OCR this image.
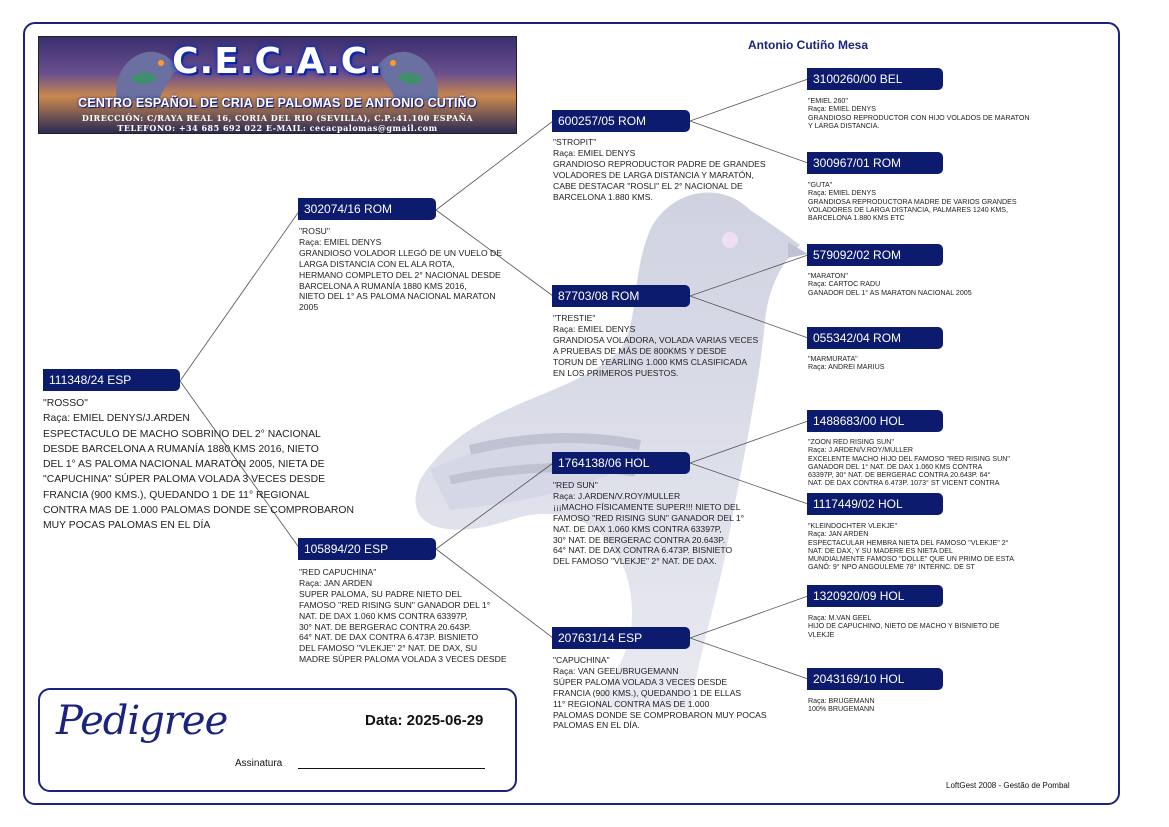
C.E.C.A.C.
CENTRO ESPAÑOL DE CRIA DE PALOMAS DE ANTONIO CUTIÑO
DIRECCIÓN: C/RAYA REAL 16, CORIA DEL RIO (SEVILLA), C.P.:41.100 ESPAÑA
TELEFONO: +34 685 692 022 E-MAIL: cecacpalomas@gmail.com
Antonio Cutiño Mesa
111348/24 ESP
"ROSSO"
Raça: EMIEL DENYS/J.ARDEN
ESPECTACULO DE MACHO SOBRINO DEL 2° NACIONAL
DESDE BARCELONA A RUMANÍA 1880 KMS 2016, NIETO
DEL 1° AS PALOMA NACIONAL MARATON 2005, NIETA DE
"CAPUCHINA" SÚPER PALOMA VOLADA 3 VECES DESDE
FRANCIA (900 KMS.), QUEDANDO 1 DE 11° REGIONAL
CONTRA MAS DE 1.000 PALOMAS DONDE SE COMPROBARON
MUY POCAS PALOMAS EN EL DÍA
302074/16 ROM
"ROSU"
Raça: EMIEL DENYS
GRANDIOSO VOLADOR LLEGÓ DE UN VUELO DE
LARGA DISTANCIA CON EL ALA ROTA,
HERMANO COMPLETO DEL 2° NACIONAL DESDE
BARCELONA A RUMANÍA 1880 KMS 2016,
NIETO DEL 1° AS PALOMA NACIONAL MARATON
2005
105894/20 ESP
"RED CAPUCHINA"
Raça: JAN ARDEN
SUPER PALOMA, SU PADRE NIETO DEL
FAMOSO "RED RISING SUN" GANADOR DEL 1°
NAT. DE DAX 1.060 KMS CONTRA 63397P,
30° NAT. DE BERGERAC CONTRA 20.643P.
64° NAT. DE DAX CONTRA 6.473P. BISNIETO
DEL FAMOSO "VLEKJE" 2° NAT. DE DAX, SU
MADRE SÚPER PALOMA VOLADA 3 VECES DESDE
600257/05 ROM
"STROPIT"
Raça: EMIEL DENYS
GRANDIOSO REPRODUCTOR PADRE DE GRANDES
VOLADORES DE LARGA DISTANCIA Y MARATÓN,
CABE DESTACAR "ROSLI" EL 2° NACIONAL DE
BARCELONA 1.880 KMS.
87703/08 ROM
"TRESTIE"
Raça: EMIEL DENYS
GRANDIOSA VOLADORA, VOLADA VARIAS VECES
A PRUEBAS DE MÁS DE 800KMS Y DESDE
TORUN DE YEARLING 1.000 KMS CLASIFICADA
EN LOS PRIMEROS PUESTOS.
1764138/06 HOL
"RED SUN"
Raça: J.ARDEN/V.ROY/MULLER
¡¡¡MACHO FÍSICAMENTE SUPER!!! NIETO DEL
FAMOSO "RED RISING SUN" GANADOR DEL 1°
NAT. DE DAX 1.060 KMS CONTRA 63397P,
30° NAT. DE BERGERAC CONTRA 20.643P.
64° NAT. DE DAX CONTRA 6.473P. BISNIETO
DEL FAMOSO "VLEKJE" 2° NAT. DE DAX.
207631/14 ESP
"CAPUCHINA"
Raça: VAN GEEL/BRUGEMANN
SÚPER PALOMA VOLADA 3 VECES DESDE
FRANCIA (900 KMS.), QUEDANDO 1 DE ELLAS
11° REGIONAL CONTRA MAS DE 1.000
PALOMAS DONDE SE COMPROBARON MUY POCAS
PALOMAS EN EL DÍA.
3100260/00 BEL
"EMIEL 260"
Raça: EMIEL DENYS
GRANDIOSO REPRODUCTOR CON HIJO VOLADOS DE MARATON
Y LARGA DISTANCIA.
300967/01 ROM
"GUTA"
Raça: EMIEL DENYS
GRANDIOSA REPRODUCTORA MADRE DE VARIOS GRANDES
VOLADORES DE LARGA DISTANCIA, PALMARES 1240 KMS,
BARCELONA 1.880 KMS ETC
579092/02 ROM
"MARATON"
Raça: CARTOC RADU
GANADOR DEL 1° AS MARATON NACIONAL 2005
055342/04 ROM
"MARMURATA"
Raça: ANDREI MARIUS
1488683/00 HOL
"ZOON RED RISING SUN"
Raça: J.ARDEN/V.ROY/MULLER
EXCELENTE MACHO HIJO DEL FAMOSO "RED RISING SUN"
GANADOR DEL 1° NAT. DE DAX 1.060 KMS CONTRA
63397P, 30° NAT. DE BERGERAC CONTRA 20.643P. 64°
NAT. DE DAX CONTRA 6.473P. 1073° ST VICENT CONTRA
1117449/02 HOL
"KLEINDOCHTER VLEKJE"
Raça: JAN ARDEN
ESPECTACULAR HEMBRA NIETA DEL FAMOSO "VLEKJE" 2°
NAT. DE DAX, Y SU MADERE ES NIETA DEL
MUNDIALMENTE FAMOSO "DOLLE" QUE UN PRIMO DE ESTA
GANÓ: 9° NPO ANGOULEME 78° INTERNC. DE ST
1320920/09 HOL
Raça: M.VAN GEEL
HIJO DE CAPUCHINO, NIETO DE MACHO Y BISNIETO DE
VLEKJE
2043169/10 HOL
Raça: BRUGEMANN
100% BRUGEMANN
Pedigree	Data: 2025-06-29
Assinatura
LoftGest 2008 - Gestão de Pombal
